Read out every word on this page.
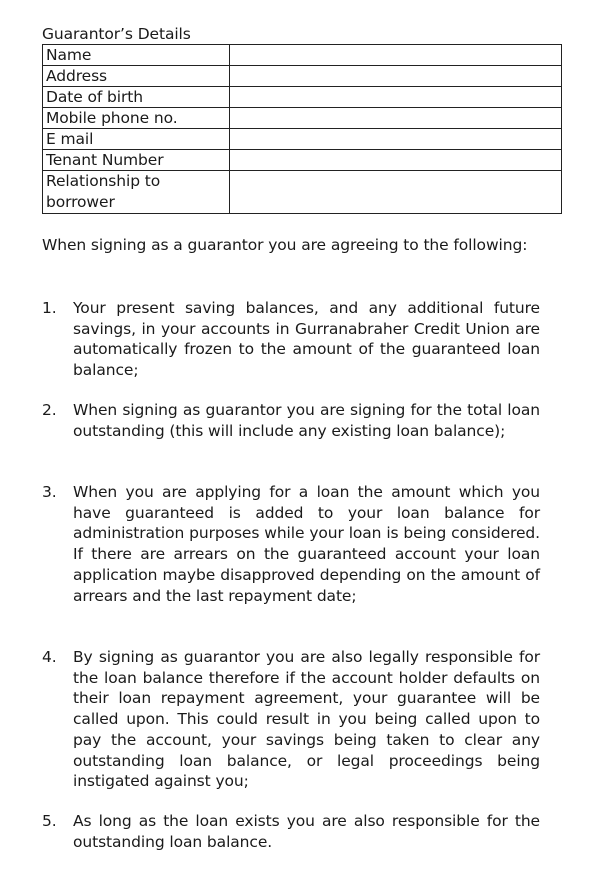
Guarantor’s Details
Name	
Address	
Date of birth	
Mobile phone no.	
E mail	
Tenant Number	
Relationship to borrower	
When signing as a guarantor you are agreeing to the following:
1.	Your present saving balances, and any additional future savings, in your accounts in Gurranabraher Credit Union are automatically frozen to the amount of the guaranteed loan balance;
2.	When signing as guarantor you are signing for the total loan outstanding (this will include any existing loan balance);
3.	When you are applying for a loan the amount which you have guaranteed is added to your loan balance for administration purposes while your loan is being considered. If there are arrears on the guaranteed account your loan application maybe disapproved depending on the amount of arrears and the last repayment date;
4.	By signing as guarantor you are also legally responsible for the loan balance therefore if the account holder defaults on their loan repayment agreement, your guarantee will be called upon. This could result in you being called upon to pay the account, your savings being taken to clear any outstanding loan balance, or legal proceedings being instigated against you;
5.	As long as the loan exists you are also responsible for the outstanding loan balance.
